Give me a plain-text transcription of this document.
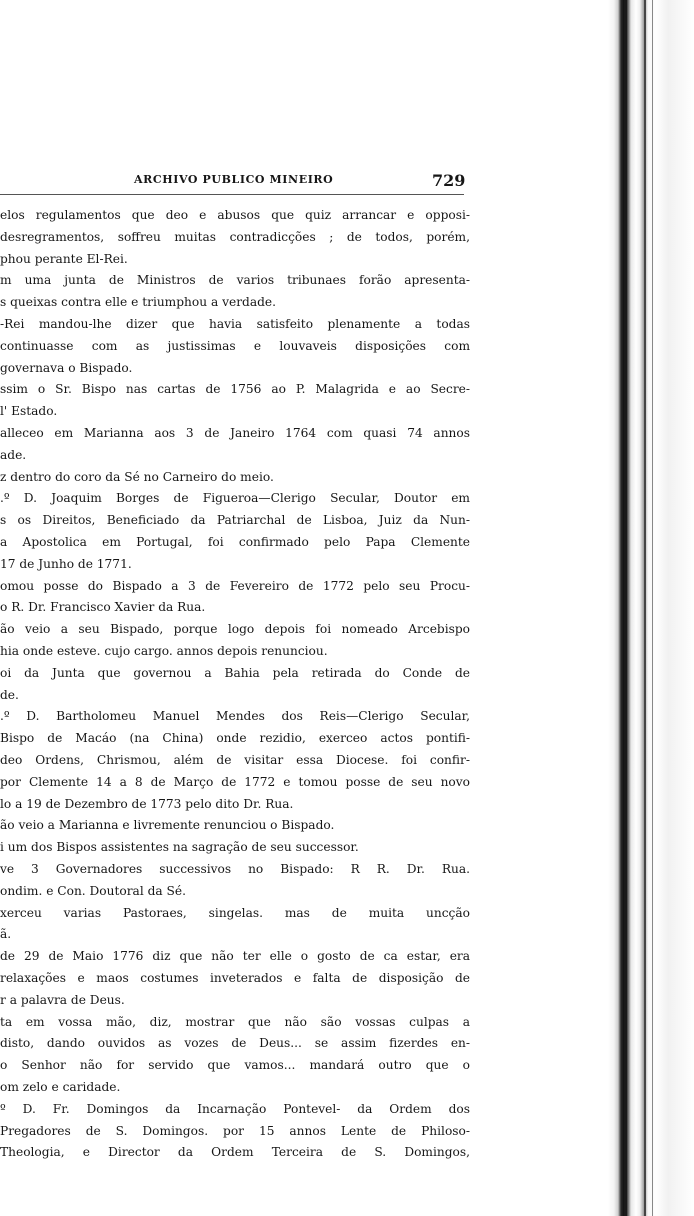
ARCHIVO PUBLICO MINEIRO	729
elos regulamentos que deo e abusos que quiz arrancar e opposi-
desregramentos, soffreu muitas contradicções ; de todos, porém,
phou perante El-Rei.
m uma junta de Ministros de varios tribunaes forão apresenta-
s queixas contra elle e triumphou a verdade.
-Rei mandou-lhe dizer que havia satisfeito plenamente a todas
continuasse com as justissimas e louvaveis disposições com
governava o Bispado.
ssim o Sr. Bispo nas cartas de 1756 ao P. Malagrida e ao Secre-
l' Estado.
alleceo em Marianna aos 3 de Janeiro 1764 com quasi 74 annos
ade.
z dentro do coro da Sé no Carneiro do meio.
.º D. Joaquim Borges de Figueroa—Clerigo Secular, Doutor em
s os Direitos, Beneficiado da Patriarchal de Lisboa, Juiz da Nun-
a Apostolica em Portugal, foi confirmado pelo Papa Clemente
17 de Junho de 1771.
omou posse do Bispado a 3 de Fevereiro de 1772 pelo seu Procu-
o R. Dr. Francisco Xavier da Rua.
ão veio a seu Bispado, porque logo depois foi nomeado Arcebispo
hia onde esteve. cujo cargo. annos depois renunciou.
oi da Junta que governou a Bahia pela retirada do Conde de
de.
.º D. Bartholomeu Manuel Mendes dos Reis—Clerigo Secular,
Bispo de Macáo (na China) onde rezidio, exerceo actos pontifi-
deo Ordens, Chrismou, além de visitar essa Diocese. foi confir-
por Clemente 14 a 8 de Março de 1772 e tomou posse de seu novo
lo a 19 de Dezembro de 1773 pelo dito Dr. Rua.
ão veio a Marianna e livremente renunciou o Bispado.
i um dos Bispos assistentes na sagração de seu successor.
ve 3 Governadores successivos no Bispado: R R. Dr. Rua.
ondim. e Con. Doutoral da Sé.
xerceu varias Pastoraes, singelas. mas de muita uncção
ã.
de 29 de Maio 1776 diz que não ter elle o gosto de ca estar, era
relaxações e maos costumes inveterados e falta de disposição de
r a palavra de Deus.
ta em vossa mão, diz, mostrar que não são vossas culpas a
disto, dando ouvidos as vozes de Deus... se assim fizerdes en-
o Senhor não for servido que vamos... mandará outro que o
om zelo e caridade.
º D. Fr. Domingos da Incarnação Pontevel- da Ordem dos
Pregadores de S. Domingos. por 15 annos Lente de Philoso-
Theologia, e Director da Ordem Terceira de S. Domingos,
